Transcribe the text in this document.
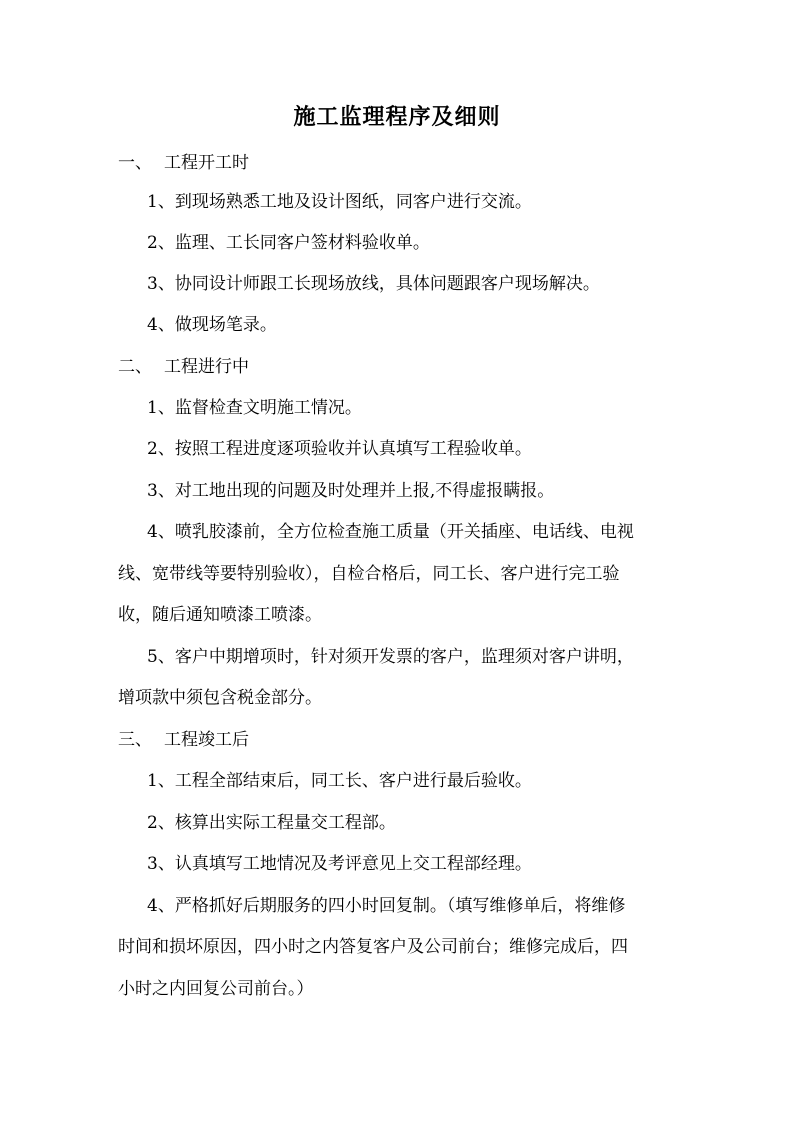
施工监理程序及细则
一、 工程开工时
1、到现场熟悉工地及设计图纸，同客户进行交流。
2、监理、工长同客户签材料验收单。
3、协同设计师跟工长现场放线，具体问题跟客户现场解决。
4、做现场笔录。
二、 工程进行中
1、监督检查文明施工情况。
2、按照工程进度逐项验收并认真填写工程验收单。
3、对工地出现的问题及时处理并上报,不得虚报瞒报。
4、喷乳胶漆前，全方位检查施工质量（开关插座、电话线、电视
线、宽带线等要特别验收），自检合格后，同工长、客户进行完工验
收，随后通知喷漆工喷漆。
5、客户中期增项时，针对须开发票的客户，监理须对客户讲明，
增项款中须包含税金部分。
三、 工程竣工后
1、工程全部结束后，同工长、客户进行最后验收。
2、核算出实际工程量交工程部。
3、认真填写工地情况及考评意见上交工程部经理。
4、严格抓好后期服务的四小时回复制。（填写维修单后，将维修
时间和损坏原因，四小时之内答复客户及公司前台；维修完成后，四
小时之内回复公司前台。）
